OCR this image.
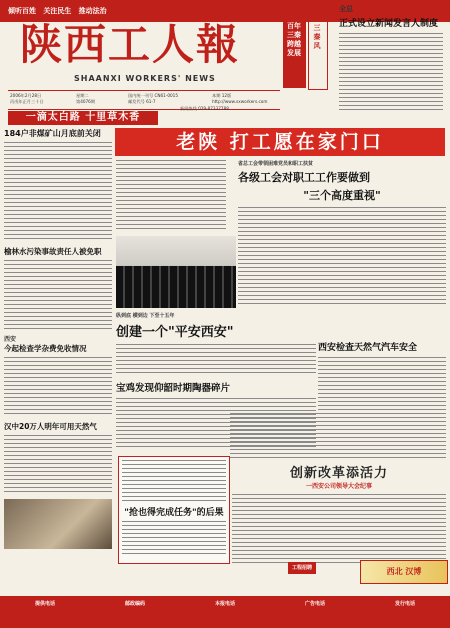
倾听百姓 关注民生 推动法治
陕西工人報
SHAANXI WORKERS' NEWS
百年三秦 跨越发展
三秦风
2006年2月28日
丙戌年正月三十日
星期二
第4076期
国内统一刊号 CN61-0015
邮发代号 61-7
本期 12版
http://www.sxworkers.com
新闻热线 029-87337788
一滴太白路 十里草木香
全总
正式设立新闻发言人制度
184户非煤矿山月底前关闭
榆林水污染事故责任人被免职
西安
今起检查学杂费免收情况
汉中20万人明年可用天然气
老陕 打工愿在家门口
省总工会带领困难党员和职工扶贫
各级工会对职工工作要做到
"三个高度重视"
纵到底 横到边 下至十五年
创建一个"平安西安"
西安检查天然气汽车安全
宝鸡发现仰韶时期陶器碎片
"抢也得完成任务"的后果
创新改革添活力
一西安公司领导大会纪事
工程招聘	西北 汉博
提供电话	邮政编码	本报电话	广告电话	发行电话
